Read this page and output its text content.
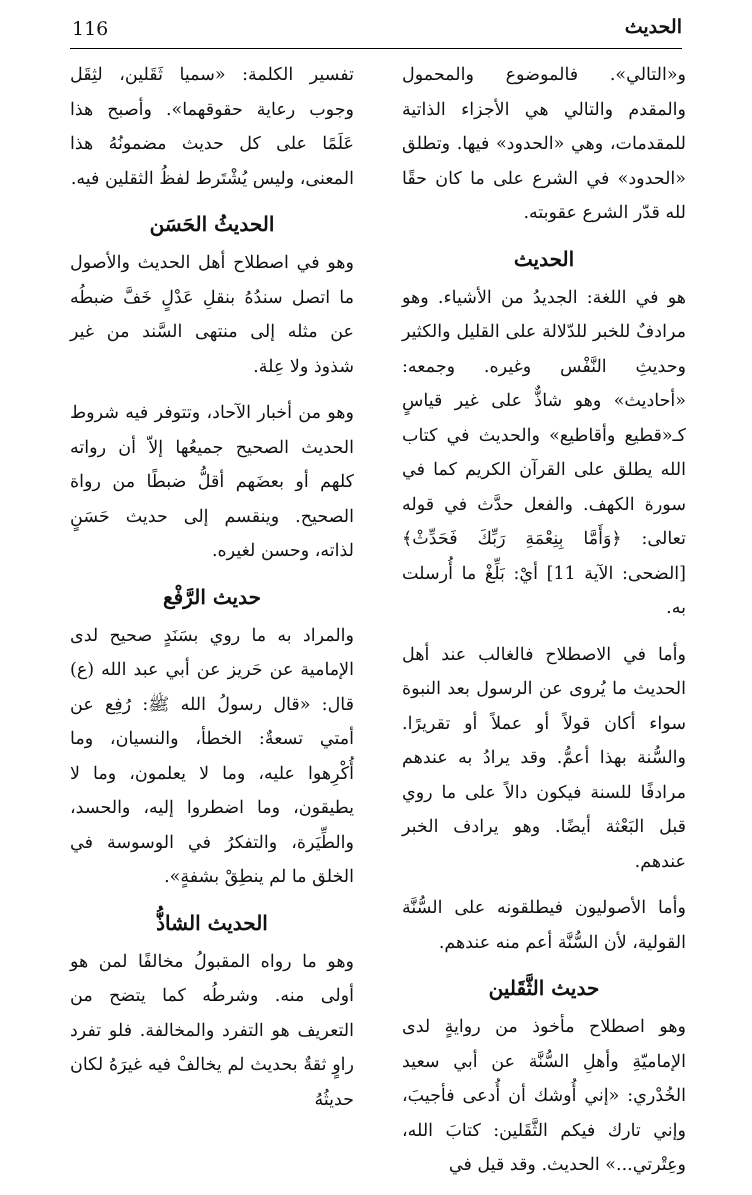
116	الحديث

و«التالي». فالموضوع والمحمول والمقدم والتالي هي الأجزاء الذاتية للمقدمات، وهي «الحدود» فيها. وتطلق «الحدود» في الشرع على ما كان حقًا لله قدّر الشرع عقوبته.

الحديث

هو في اللغة: الجديدُ من الأشياء. وهو مرادفٌ للخبر للدّلالة على القليل والكثير وحديثِ النَّفْس وغيره. وجمعه: «أحاديث» وهو شاذٌّ على غير قياسٍ كـ«قطيع وأقاطيع» والحديث في كتاب الله يطلق على القرآن الكريم كما في سورة الكهف. والفعل حدَّث في قوله تعالى: ﴿وَأَمَّا بِنِعْمَةِ رَبِّكَ فَحَدِّثْ﴾ [الضحى: الآية 11] أيْ: بَلِّغْ ما أُرسلت به.

وأما في الاصطلاح فالغالب عند أهل الحديث ما يُروى عن الرسول بعد النبوة سواء أكان قولاً أو عملاً أو تقريرًا. والسُّنة بهذا أعمُّ. وقد يرادُ به عندهم مرادفًا للسنة فيكون دالاً على ما روي قبل البَعْثة أيضًا. وهو يرادف الخبر عندهم.

وأما الأصوليون فيطلقونه على السُّنَّة القولية، لأن السُّنَّة أعم منه عندهم.

حديث الثَّقَلين

وهو اصطلاح مأخوذ من روايةٍ لدى الإماميّةِ وأهلِ السُّنَّة عن أبي سعيد الخُدْري: «إني أُوشك أن أُدعى فأجيبَ، وإني تارك فيكم الثَّقَلين: كتابَ الله، وعِتْرتي...» الحديث. وقد قيل في

تفسير الكلمة: «سميا ثَقَلين، لثِقَل وجوب رعاية حقوقهما». وأصبح هذا عَلَمًا على كل حديث مضمونُهُ هذا المعنى، وليس يُشْتَرط لفظُ الثقلين فيه.

الحديثُ الحَسَن

وهو في اصطلاح أهل الحديث والأصول ما اتصل سندُهُ بنقلِ عَدْلٍ خَفَّ ضبطُه عن مثله إلى منتهى السَّند من غير شذوذ ولا عِلة.

وهو من أخبار الآحاد، وتتوفر فيه شروط الحديث الصحيح جميعُها إلاّ أن رواته كلهم أو بعضَهم أقلُّ ضبطًا من رواة الصحيح. وينقسم إلى حديث حَسَنٍ لذاته، وحسن لغيره.

حديث الرَّفْع

والمراد به ما روي بسَنَدٍ صحيح لدى الإمامية عن حَريز عن أبي عبد الله (ع) قال: «قال رسولُ الله ﷺ: رُفِع عن أمتي تسعةٌ: الخطأ، والنسيان، وما أُكْرِهوا عليه، وما لا يعلمون، وما لا يطيقون، وما اضطروا إليه، والحسد، والطِّيَرة، والتفكرُ في الوسوسة في الخلق ما لم ينطِقْ بشفةٍ».

الحديث الشاذُّ

وهو ما رواه المقبولُ مخالفًا لمن هو أولى منه. وشرطُه كما يتضح من التعريف هو التفرد والمخالفة. فلو تفرد راوٍ ثقةٌ بحديث لم يخالفْ فيه غيرَهُ لكان حديثُهُ
